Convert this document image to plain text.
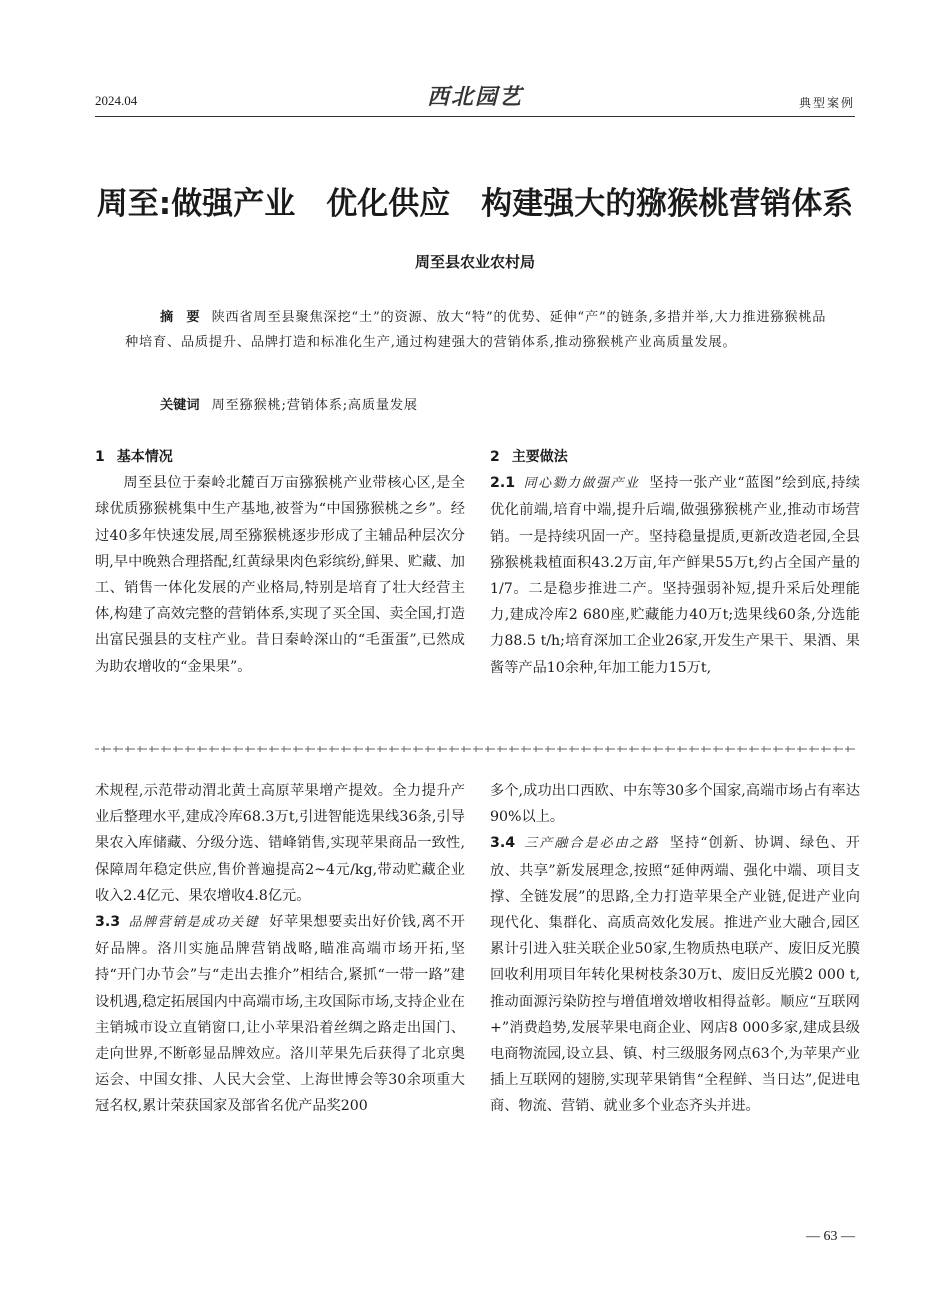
2024.04	西北园艺	典型案例
周至:做强产业　优化供应　构建强大的猕猴桃营销体系
周至县农业农村局
摘　要 陕西省周至县聚焦深挖“土”的资源、放大“特”的优势、延伸“产”的链条,多措并举,大力推进猕猴桃品种培育、品质提升、品牌打造和标准化生产,通过构建强大的营销体系,推动猕猴桃产业高质量发展。
关键词 周至猕猴桃;营销体系;高质量发展

1 基本情况

周至县位于秦岭北麓百万亩猕猴桃产业带核心区,是全球优质猕猴桃集中生产基地,被誉为“中国猕猴桃之乡”。经过40多年快速发展,周至猕猴桃逐步形成了主辅品种层次分明,早中晚熟合理搭配,红黄绿果肉色彩缤纷,鲜果、贮藏、加工、销售一体化发展的产业格局,特别是培育了壮大经营主体,构建了高效完整的营销体系,实现了买全国、卖全国,打造出富民强县的支柱产业。昔日秦岭深山的“毛蛋蛋”,已然成为助农增收的“金果果”。

2 主要做法

2.1 同心勠力做强产业 坚持一张产业“蓝图”绘到底,持续优化前端,培育中端,提升后端,做强猕猴桃产业,推动市场营销。一是持续巩固一产。坚持稳量提质,更新改造老园,全县猕猴桃栽植面积43.2万亩,年产鲜果55万t,约占全国产量的1/7。二是稳步推进二产。坚持强弱补短,提升采后处理能力,建成冷库2 680座,贮藏能力40万t;选果线60条,分选能力88.5 t/h;培育深加工企业26家,开发生产果干、果酒、果酱等产品10余种,年加工能力15万t,

术规程,示范带动渭北黄土高原苹果增产提效。全力提升产业后整理水平,建成冷库68.3万t,引进智能选果线36条,引导果农入库储藏、分级分选、错峰销售,实现苹果商品一致性,保障周年稳定供应,售价普遍提高2~4元/kg,带动贮藏企业收入2.4亿元、果农增收4.8亿元。

3.3 品牌营销是成功关键 好苹果想要卖出好价钱,离不开好品牌。洛川实施品牌营销战略,瞄准高端市场开拓,坚持“开门办节会”与“走出去推介”相结合,紧抓“一带一路”建设机遇,稳定拓展国内中高端市场,主攻国际市场,支持企业在主销城市设立直销窗口,让小苹果沿着丝绸之路走出国门、走向世界,不断彰显品牌效应。洛川苹果先后获得了北京奥运会、中国女排、人民大会堂、上海世博会等30余项重大冠名权,累计荣获国家及部省名优产品奖200

多个,成功出口西欧、中东等30多个国家,高端市场占有率达90%以上。

3.4 三产融合是必由之路 坚持“创新、协调、绿色、开放、共享”新发展理念,按照“延伸两端、强化中端、项目支撑、全链发展”的思路,全力打造苹果全产业链,促进产业向现代化、集群化、高质高效化发展。推进产业大融合,园区累计引进入驻关联企业50家,生物质热电联产、废旧反光膜回收利用项目年转化果树枝条30万t、废旧反光膜2 000 t,推动面源污染防控与增值增效增收相得益彰。顺应“互联网+”消费趋势,发展苹果电商企业、网店8 000多家,建成县级电商物流园,设立县、镇、村三级服务网点63个,为苹果产业插上互联网的翅膀,实现苹果销售“全程鲜、当日达”,促进电商、物流、营销、就业多个业态齐头并进。

— 63 —
